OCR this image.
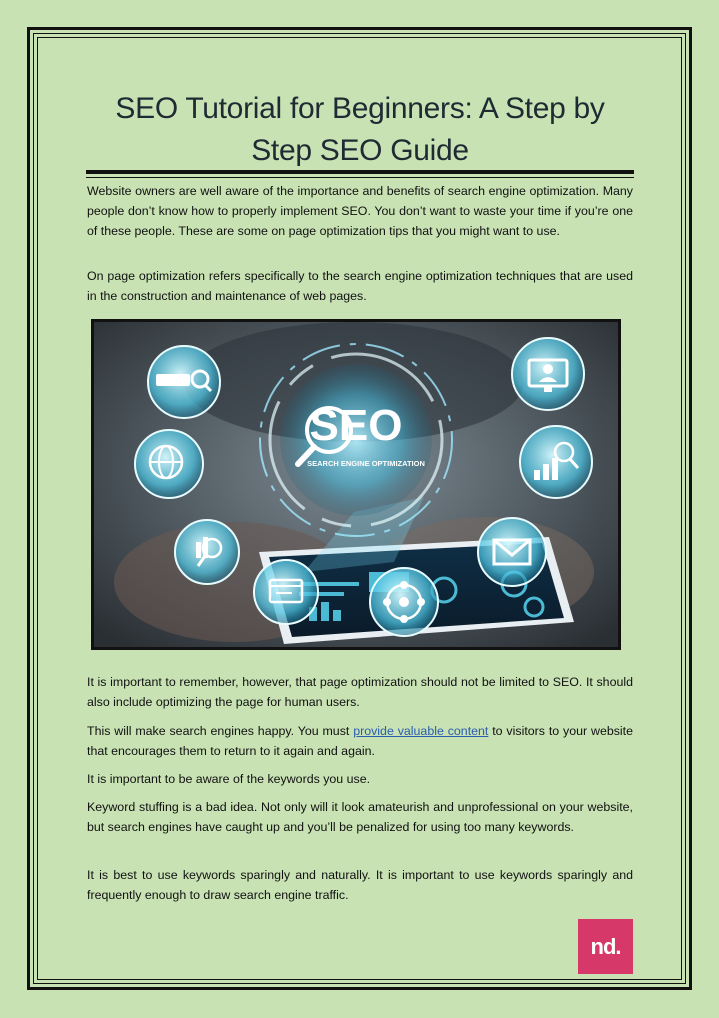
SEO Tutorial for Beginners: A Step by Step SEO Guide

Website owners are well aware of the importance and benefits of search engine optimization. Many people don’t know how to properly implement SEO. You don’t want to waste your time if you’re one of these people. These are some on page optimization tips that you might want to use.

On page optimization refers specifically to the search engine optimization techniques that are used in the construction and maintenance of web pages.

SEO
SEARCH ENGINE OPTIMIZATION

It is important to remember, however, that page optimization should not be limited to SEO. It should also include optimizing the page for human users.

This will make search engines happy. You must provide valuable content to visitors to your website that encourages them to return to it again and again.

It is important to be aware of the keywords you use.

Keyword stuffing is a bad idea. Not only will it look amateurish and unprofessional on your website, but search engines have caught up and you’ll be penalized for using too many keywords.

It is best to use keywords sparingly and naturally. It is important to use keywords sparingly and frequently enough to draw search engine traffic.

nd.
